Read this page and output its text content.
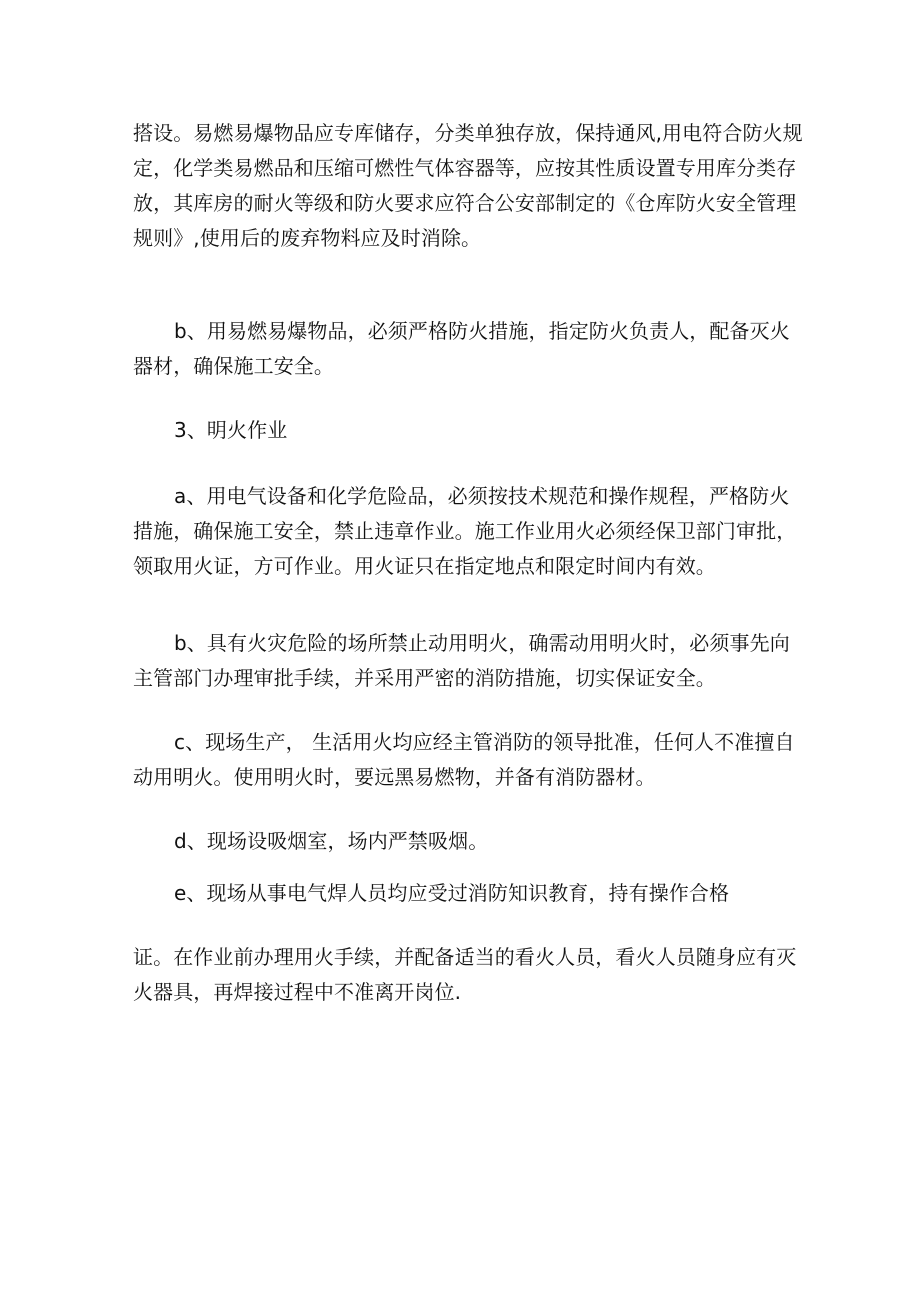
搭设。易燃易爆物品应专库储存，分类单独存放，保持通风,用电符合防火规
定，化学类易燃品和压缩可燃性气体容器等，应按其性质设置专用库分类存
放，其库房的耐火等级和防火要求应符合公安部制定的《仓库防火安全管理
规则》,使用后的废弃物料应及时消除。
b、用易燃易爆物品，必须严格防火措施，指定防火负责人，配备灭火
器材，确保施工安全。
3、明火作业
a、用电气设备和化学危险品，必须按技术规范和操作规程，严格防火
措施，确保施工安全，禁止违章作业。施工作业用火必须经保卫部门审批，
领取用火证，方可作业。用火证只在指定地点和限定时间内有效。
b、具有火灾危险的场所禁止动用明火，确需动用明火时，必须事先向
主管部门办理审批手续，并采用严密的消防措施，切实保证安全。
c、现场生产， 生活用火均应经主管消防的领导批准，任何人不准擅自
动用明火。使用明火时，要远黑易燃物，并备有消防器材。
d、现场设吸烟室，场内严禁吸烟。
e、现场从事电气焊人员均应受过消防知识教育，持有操作合格
证。在作业前办理用火手续，并配备适当的看火人员，看火人员随身应有灭
火器具，再焊接过程中不准离开岗位.
